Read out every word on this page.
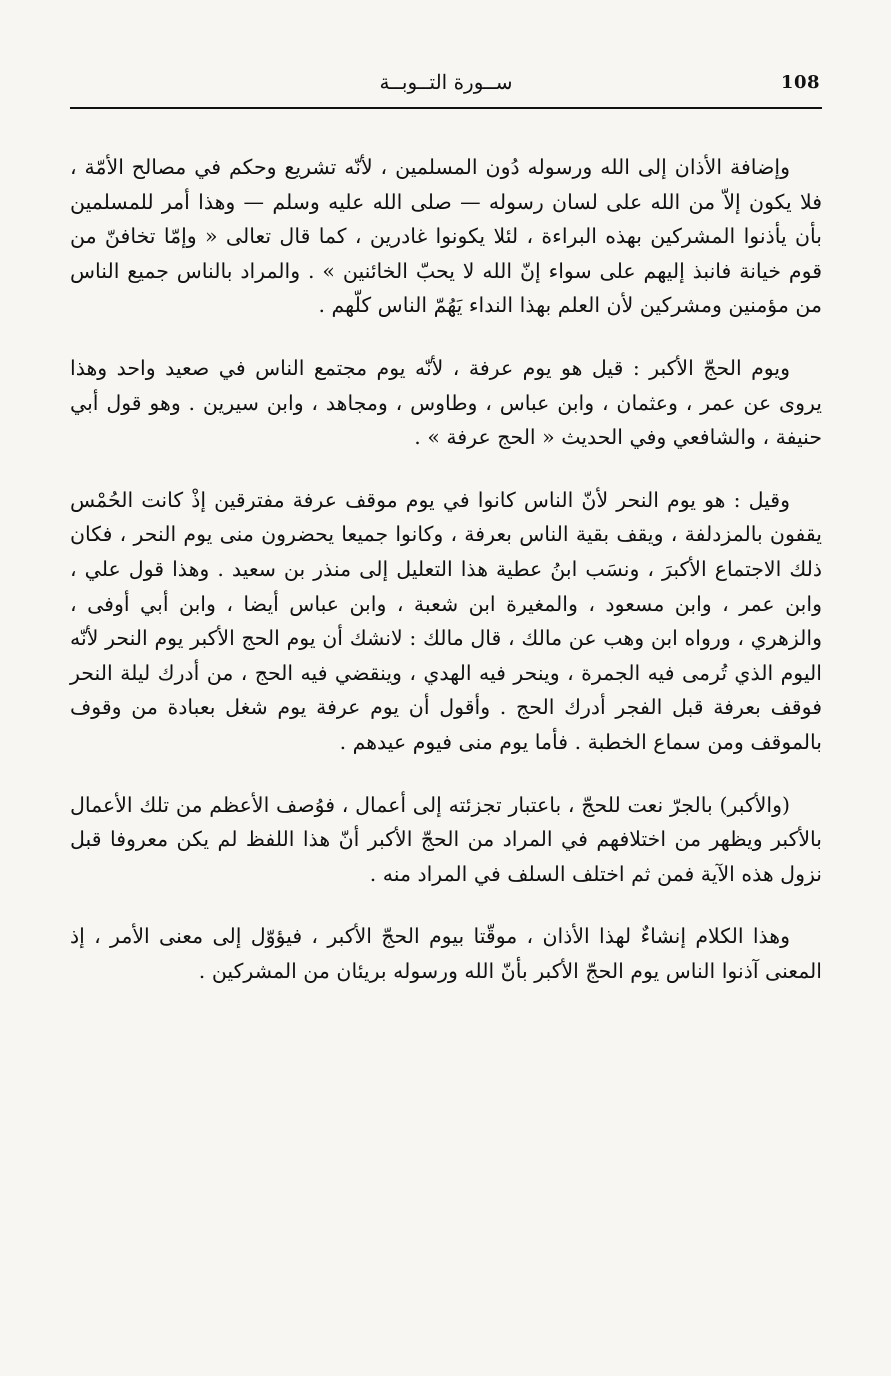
108
ســورة التــوبــة

وإضافة الأذان إلى الله ورسوله دُون المسلمين ، لأنّه تشريع وحكم في مصالح الأمّة ، فلا يكون إلاّ من الله على لسان رسوله — صلى الله عليه وسلم — وهذا أمر للمسلمين بأن يأذنوا المشركين بهذه البراءة ، لئلا يكونوا غادرين ، كما قال تعالى « وإمّا تخافنّ من قوم خيانة فانبذ إليهم على سواء إنّ الله لا يحبّ الخائنين » . والمراد بالناس جميع الناس من مؤمنين ومشركين لأن العلم بهذا النداء يَهُمّ الناس كلّهم .

ويوم الحجّ الأكبر : قيل هو يوم عرفة ، لأنّه يوم مجتمع الناس في صعيد واحد وهذا يروى عن عمر ، وعثمان ، وابن عباس ، وطاوس ، ومجاهد ، وابن سيرين . وهو قول أبي حنيفة ، والشافعي وفي الحديث « الحج عرفة » .

وقيل : هو يوم النحر لأنّ الناس كانوا في يوم موقف عرفة مفترقين إذْ كانت الحُمْس يقفون بالمزدلفة ، ويقف بقية الناس بعرفة ، وكانوا جميعا يحضرون منى يوم النحر ، فكان ذلك الاجتماع الأكبرَ ، ونسَب ابنُ عطية هذا التعليل إلى منذر بن سعيد . وهذا قول علي ، وابن عمر ، وابن مسعود ، والمغيرة ابن شعبة ، وابن عباس أيضا ، وابن أبي أوفى ، والزهري ، ورواه ابن وهب عن مالك ، قال مالك : لانشك أن يوم الحج الأكبر يوم النحر لأنّه اليوم الذي تُرمى فيه الجمرة ، وينحر فيه الهدي ، وينقضي فيه الحج ، من أدرك ليلة النحر فوقف بعرفة قبل الفجر أدرك الحج . وأقول أن يوم عرفة يوم شغل بعبادة من وقوف بالموقف ومن سماع الخطبة . فأما يوم منى فيوم عيدهم .

(والأكبر) بالجرّ نعت للحجّ ، باعتبار تجزئته إلى أعمال ، فوُصف الأعظم من تلك الأعمال بالأكبر ويظهر من اختلافهم في المراد من الحجّ الأكبر أنّ هذا اللفظ لم يكن معروفا قبل نزول هذه الآية فمن ثم اختلف السلف في المراد منه .

وهذا الكلام إنشاءٌ لهذا الأذان ، موقّتا بيوم الحجّ الأكبر ، فيؤوّل إلى معنى الأمر ، إذ المعنى آذنوا الناس يوم الحجّ الأكبر بأنّ الله ورسوله بريئان من المشركين .
